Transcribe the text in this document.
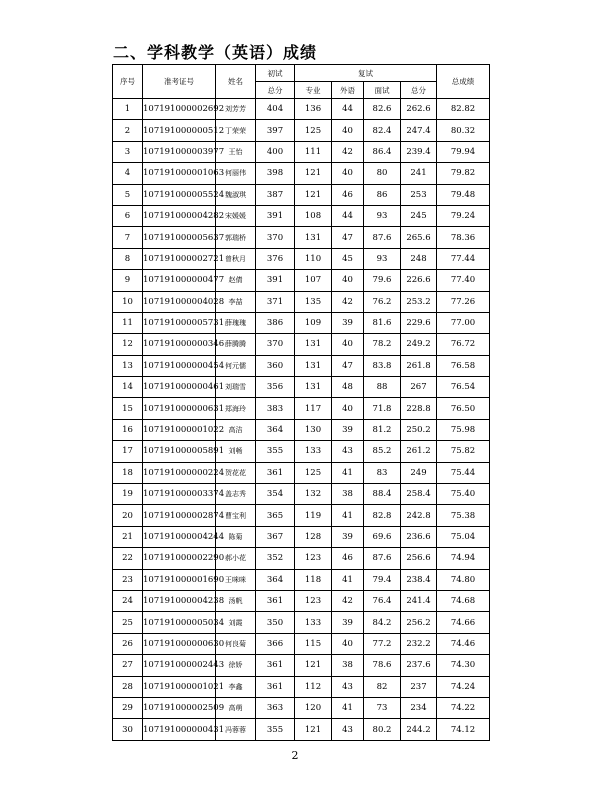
二、学科教学（英语）成绩
序号	准考证号	姓名	初试	复试				总成绩
			总分	专业	外语	面试	总分	
1	107191000002692	刘芳芳	404	136	44	82.6	262.6	82.82
2	107191000000512	丁荣荣	397	125	40	82.4	247.4	80.32
3	107191000003977	王怡	400	111	42	86.4	239.4	79.94
4	107191000001063	何丽伟	398	121	40	80	241	79.82
5	107191000005524	魏淑琪	387	121	46	86	253	79.48
6	107191000004282	宋媛媛	391	108	44	93	245	79.24
7	107191000005637	郭瑞桥	370	131	47	87.6	265.6	78.36
8	107191000002721	曾秋月	376	110	45	93	248	77.44
9	107191000000477	赵倩	391	107	40	79.6	226.6	77.40
10	107191000004028	李喆	371	135	42	76.2	253.2	77.26
11	107191000005731	薛瑰瑰	386	109	39	81.6	229.6	77.00
12	107191000000346	薛腾腾	370	131	40	78.2	249.2	76.72
13	107191000000454	何元儒	360	131	47	83.8	261.8	76.58
14	107191000000461	刘瑞雪	356	131	48	88	267	76.54
15	107191000000631	郑海玲	383	117	40	71.8	228.8	76.50
16	107191000001022	高洁	364	130	39	81.2	250.2	75.98
17	107191000005891	刘畅	355	133	43	85.2	261.2	75.82
18	107191000000224	贺花花	361	125	41	83	249	75.44
19	107191000003374	盖志秀	354	132	38	88.4	258.4	75.40
20	107191000002874	曹宝利	365	119	41	82.8	242.8	75.38
21	107191000004244	陈菊	367	128	39	69.6	236.6	75.04
22	107191000002290	郝小花	352	123	46	87.6	256.6	74.94
23	107191000001690	王咪咪	364	118	41	79.4	238.4	74.80
24	107191000004238	汤帆	361	123	42	76.4	241.4	74.68
25	107191000005034	刘霞	350	133	39	84.2	256.2	74.66
26	107191000000630	何良菊	366	115	40	77.2	232.2	74.46
27	107191000002443	徐娇	361	121	38	78.6	237.6	74.30
28	107191000001021	李鑫	361	112	43	82	237	74.24
29	107191000002509	高萌	363	120	41	73	234	74.22
30	107191000000431	冯蓉蓉	355	121	43	80.2	244.2	74.12
2
